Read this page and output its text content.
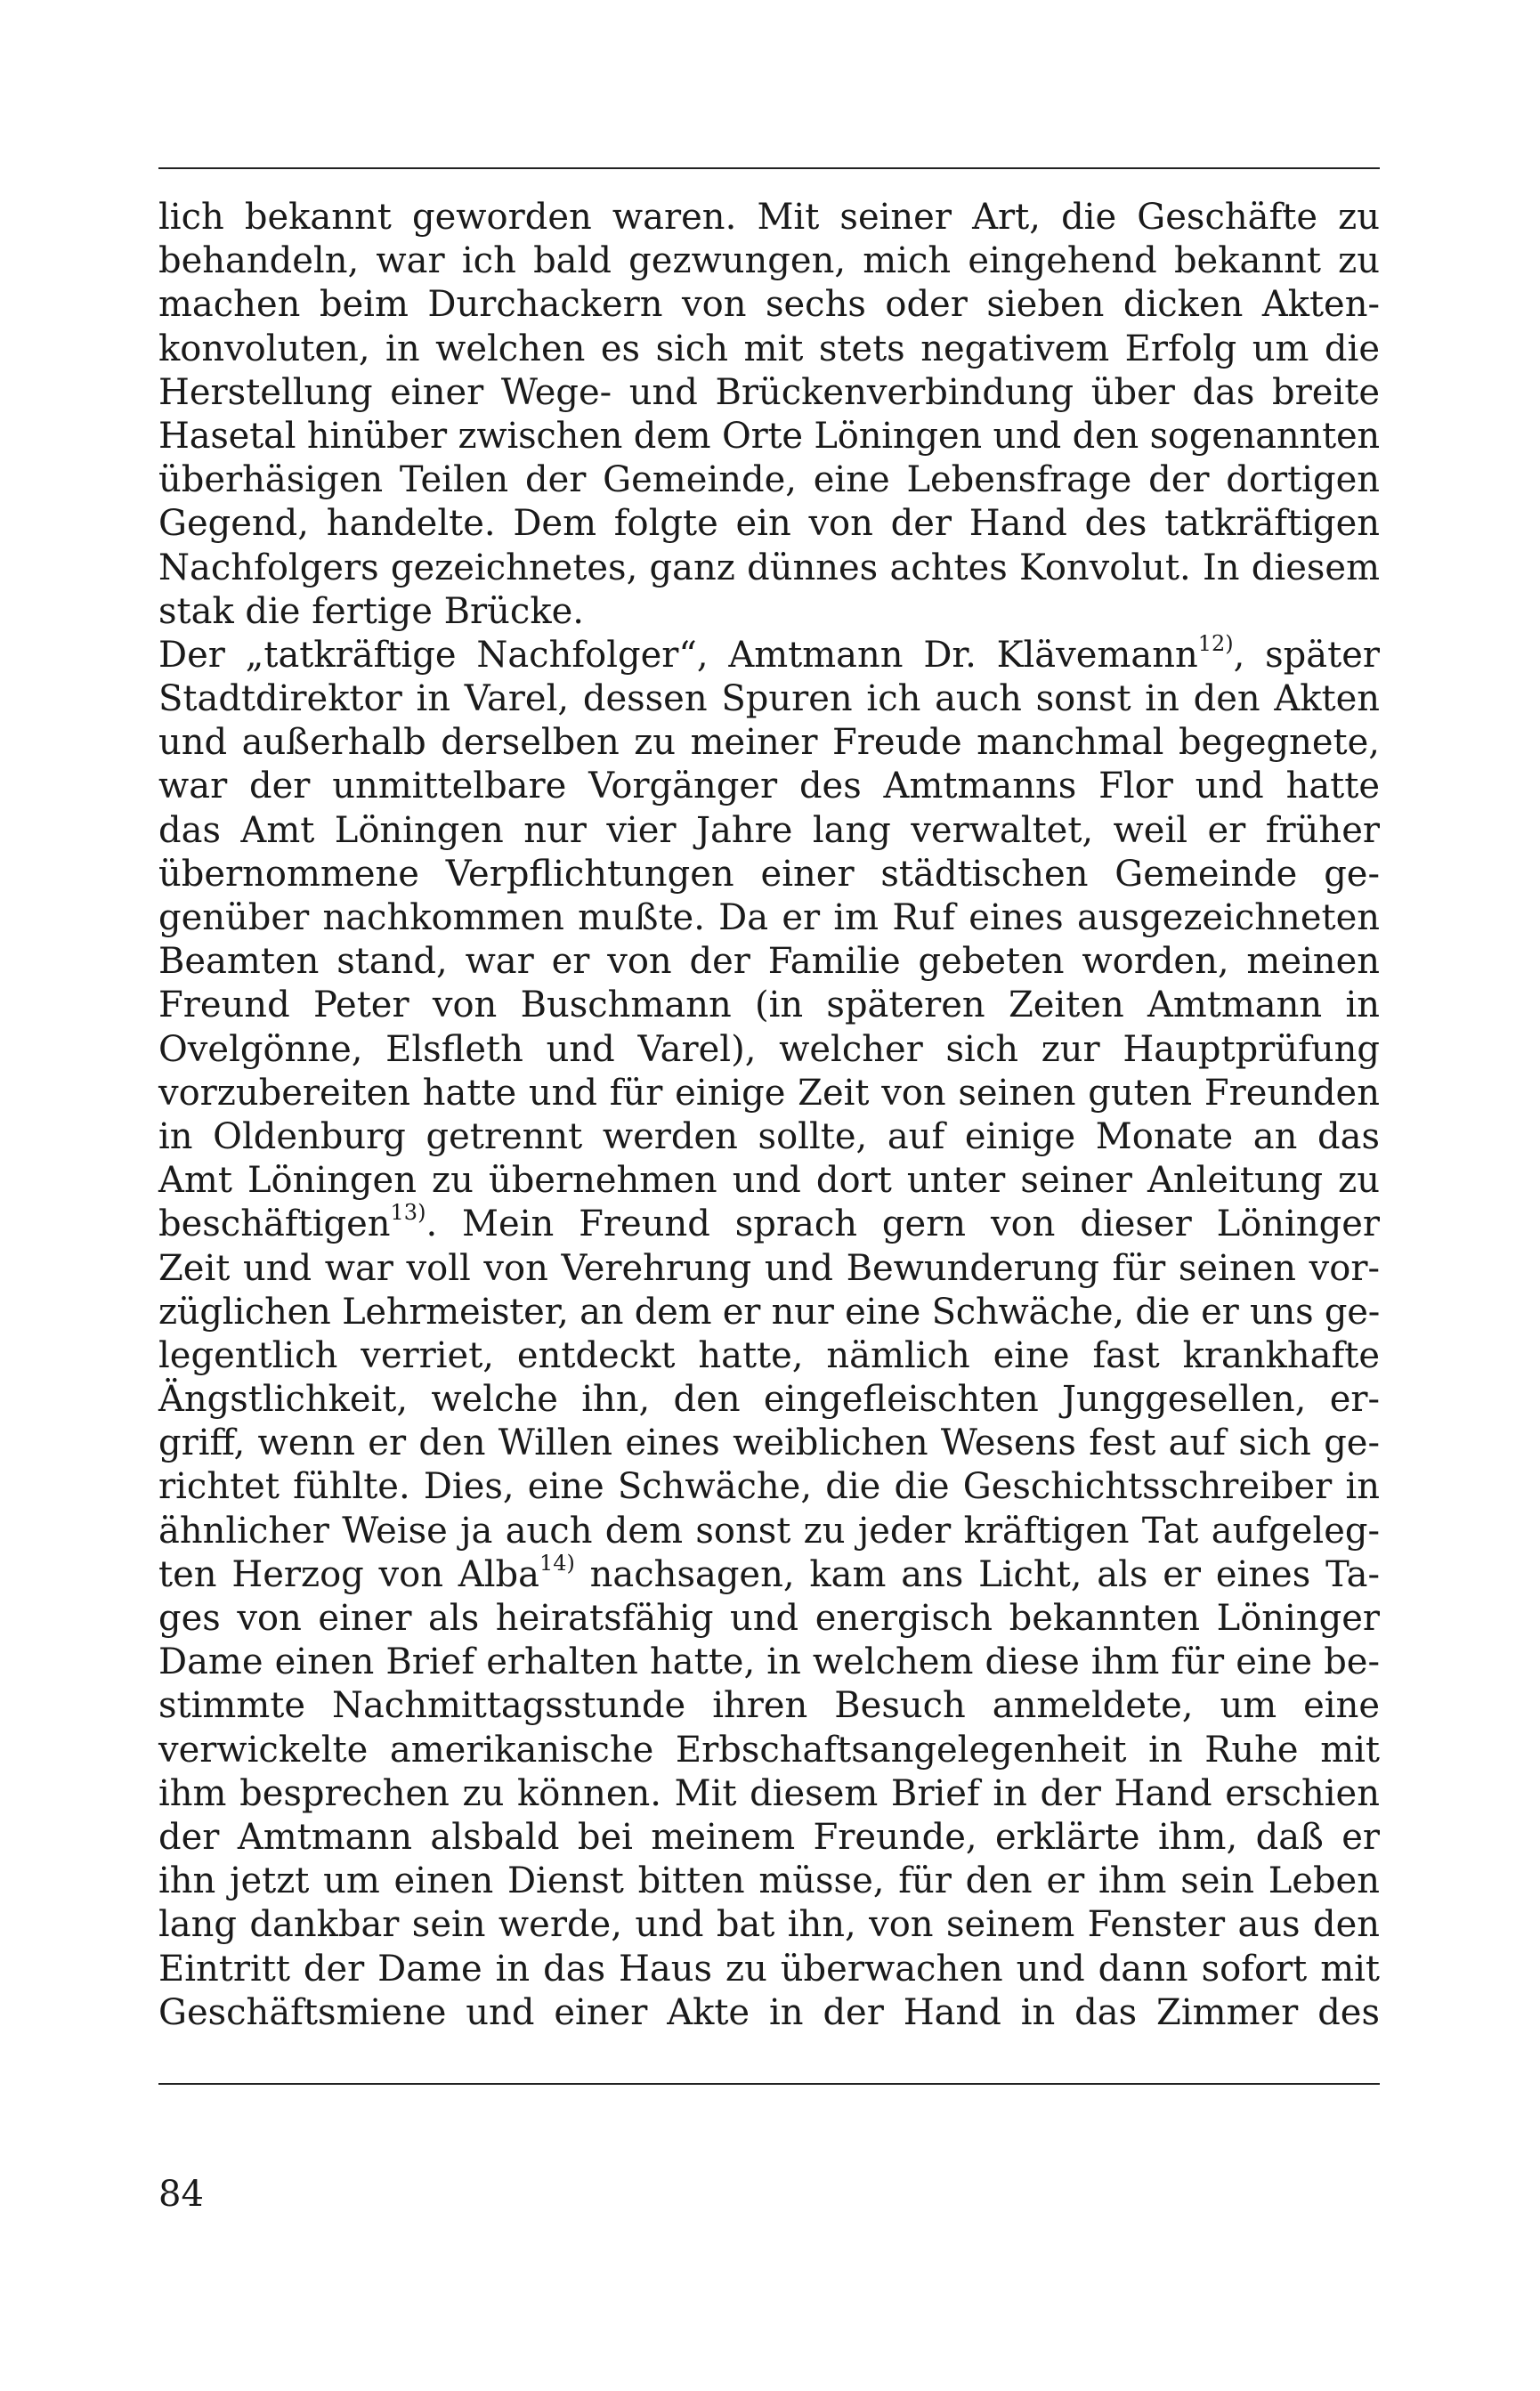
lich bekannt geworden waren. Mit seiner Art, die Geschäfte zu
behandeln, war ich bald gezwungen, mich eingehend bekannt zu
machen beim Durchackern von sechs oder sieben dicken Akten-
konvoluten, in welchen es sich mit stets negativem Erfolg um die
Herstellung einer Wege- und Brückenverbindung über das breite
Hasetal hinüber zwischen dem Orte Löningen und den sogenannten
überhäsigen Teilen der Gemeinde, eine Lebensfrage der dortigen
Gegend, handelte. Dem folgte ein von der Hand des tatkräftigen
Nachfolgers gezeichnetes, ganz dünnes achtes Konvolut. In diesem
stak die fertige Brücke.
Der „tatkräftige Nachfolger“, Amtmann Dr. Klävemann$^{12)}$, später
Stadtdirektor in Varel, dessen Spuren ich auch sonst in den Akten
und außerhalb derselben zu meiner Freude manchmal begegnete,
war der unmittelbare Vorgänger des Amtmanns Flor und hatte
das Amt Löningen nur vier Jahre lang verwaltet, weil er früher
übernommene Verpflichtungen einer städtischen Gemeinde ge-
genüber nachkommen mußte. Da er im Ruf eines ausgezeichneten
Beamten stand, war er von der Familie gebeten worden, meinen
Freund Peter von Buschmann (in späteren Zeiten Amtmann in
Ovelgönne, Elsfleth und Varel), welcher sich zur Hauptprüfung
vorzubereiten hatte und für einige Zeit von seinen guten Freunden
in Oldenburg getrennt werden sollte, auf einige Monate an das
Amt Löningen zu übernehmen und dort unter seiner Anleitung zu
beschäftigen$^{13)}$. Mein Freund sprach gern von dieser Löninger
Zeit und war voll von Verehrung und Bewunderung für seinen vor-
züglichen Lehrmeister, an dem er nur eine Schwäche, die er uns ge-
legentlich verriet, entdeckt hatte, nämlich eine fast krankhafte
Ängstlichkeit, welche ihn, den eingefleischten Junggesellen, er-
griff, wenn er den Willen eines weiblichen Wesens fest auf sich ge-
richtet fühlte. Dies, eine Schwäche, die die Geschichtsschreiber in
ähnlicher Weise ja auch dem sonst zu jeder kräftigen Tat aufgeleg-
ten Herzog von Alba$^{14)}$ nachsagen, kam ans Licht, als er eines Ta-
ges von einer als heiratsfähig und energisch bekannten Löninger
Dame einen Brief erhalten hatte, in welchem diese ihm für eine be-
stimmte Nachmittagsstunde ihren Besuch anmeldete, um eine
verwickelte amerikanische Erbschaftsangelegenheit in Ruhe mit
ihm besprechen zu können. Mit diesem Brief in der Hand erschien
der Amtmann alsbald bei meinem Freunde, erklärte ihm, daß er
ihn jetzt um einen Dienst bitten müsse, für den er ihm sein Leben
lang dankbar sein werde, und bat ihn, von seinem Fenster aus den
Eintritt der Dame in das Haus zu überwachen und dann sofort mit
Geschäftsmiene und einer Akte in der Hand in das Zimmer des
84
